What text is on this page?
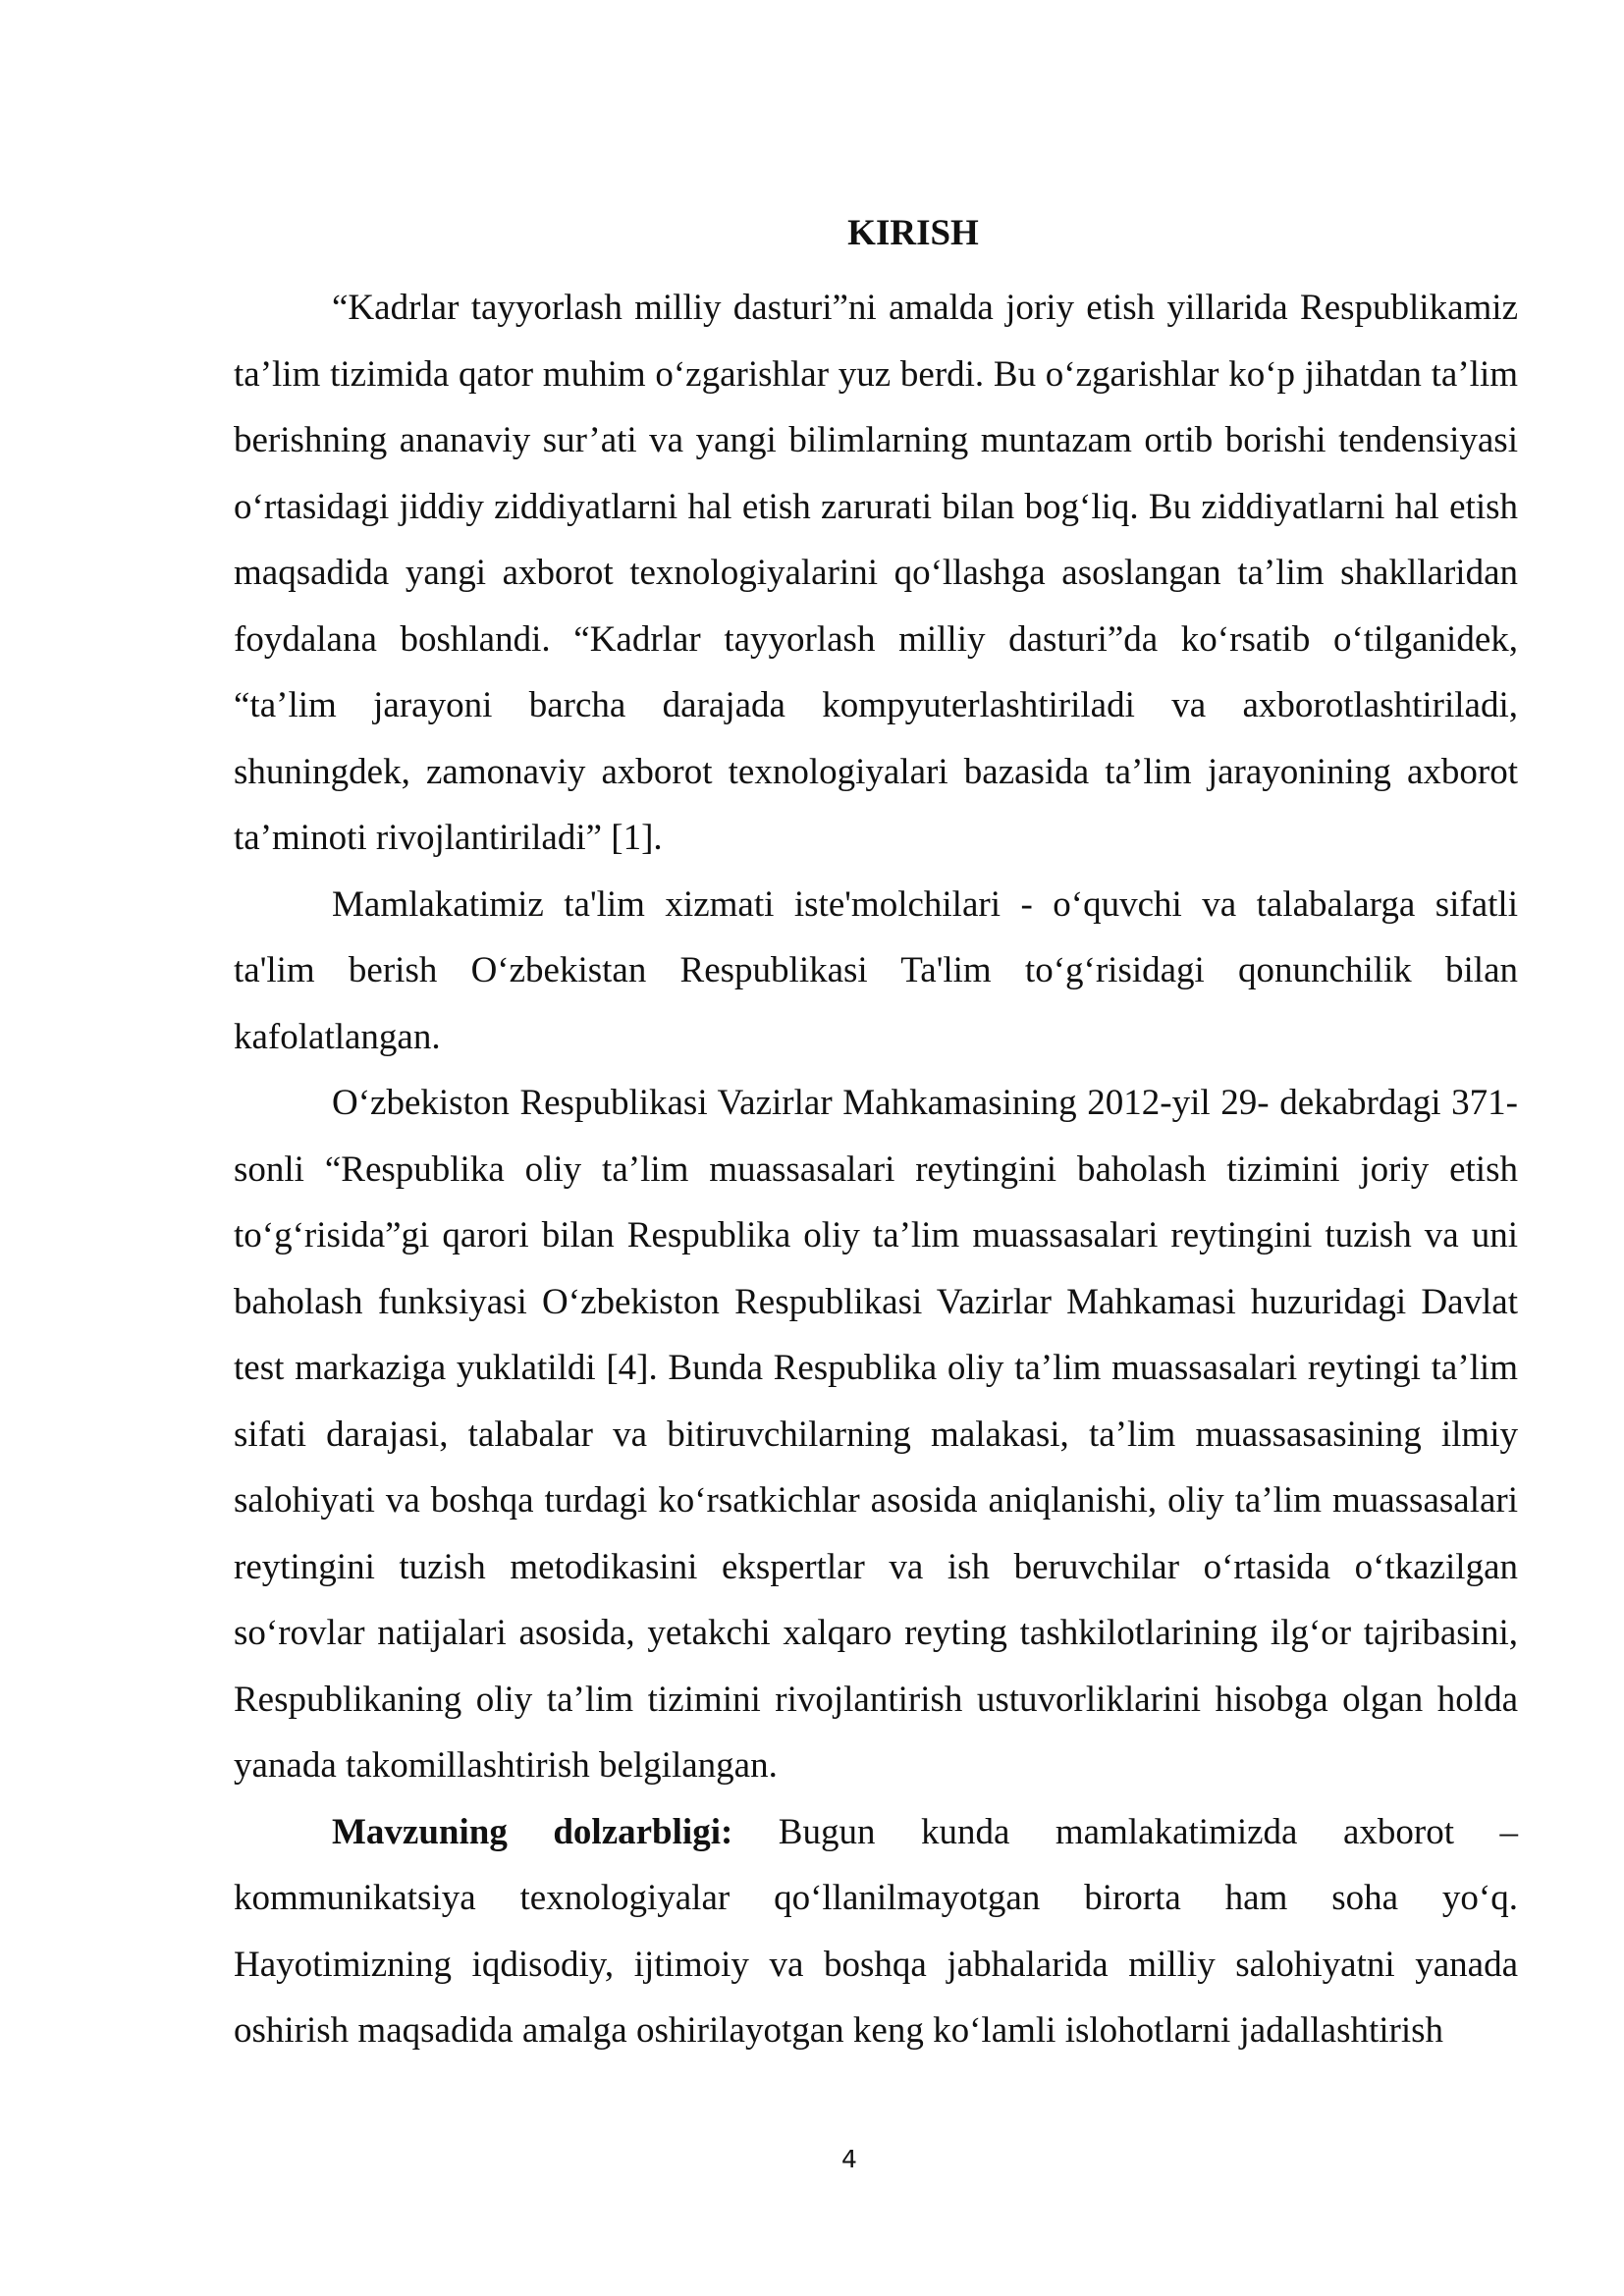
KIRISH

“Kadrlar tayyorlash milliy dasturi”ni amalda joriy etish yillarida Respublikamiz ta’lim tizimida qator muhim o‘zgarishlar yuz berdi. Bu o‘zgarishlar ko‘p jihatdan ta’lim berishning ananaviy sur’ati va yangi bilimlarning muntazam ortib borishi tendensiyasi o‘rtasidagi jiddiy ziddiyatlarni hal etish zarurati bilan bog‘liq. Bu ziddiyatlarni hal etish maqsadida yangi axborot texnologiyalarini qo‘llashga asoslangan ta’lim shakllaridan foydalana boshlandi. “Kadrlar tayyorlash milliy dasturi”da ko‘rsatib o‘tilganidek, “ta’lim jarayoni barcha darajada kompyuterlashtiriladi va axborotlashtiriladi, shuningdek, zamonaviy axborot texnologiyalari bazasida ta’lim jarayonining axborot ta’minoti rivojlantiriladi” [1].

Mamlakatimiz ta'lim xizmati iste'molchilari - o‘quvchi va talabalarga sifatli ta'lim berish O‘zbekistan Respublikasi Ta'lim to‘g‘risidagi qonunchilik bilan kafolatlangan.

O‘zbekiston Respublikasi Vazirlar Mahkamasining 2012-yil 29- dekabrdagi 371-sonli “Respublika oliy ta’lim muassasalari reytingini baholash tizimini joriy etish to‘g‘risida”gi qarori bilan Respublika oliy ta’lim muassasalari reytingini tuzish va uni baholash funksiyasi O‘zbekiston Respublikasi Vazirlar Mahkamasi huzuridagi Davlat test markaziga yuklatildi [4]. Bunda Respublika oliy ta’lim muassasalari reytingi ta’lim sifati darajasi, talabalar va bitiruvchilarning malakasi, ta’lim muassasasining ilmiy salohiyati va boshqa turdagi ko‘rsatkichlar asosida aniqlanishi, oliy ta’lim muassasalari reytingini tuzish metodikasini ekspertlar va ish beruvchilar o‘rtasida o‘tkazilgan so‘rovlar natijalari asosida, yetakchi xalqaro reyting tashkilotlarining ilg‘or tajribasini, Respublikaning oliy ta’lim tizimini rivojlantirish ustuvorliklarini hisobga olgan holda yanada takomillashtirish belgilangan.

Mavzuning dolzarbligi: Bugun kunda mamlakatimizda axborot – kommunikatsiya texnologiyalar qo‘llanilmayotgan birorta ham soha yo‘q. Hayotimizning iqdisodiy, ijtimoiy va boshqa jabhalarida milliy salohiyatni yanada oshirish maqsadida amalga oshirilayotgan keng ko‘lamli islohotlarni jadallashtirish

4
